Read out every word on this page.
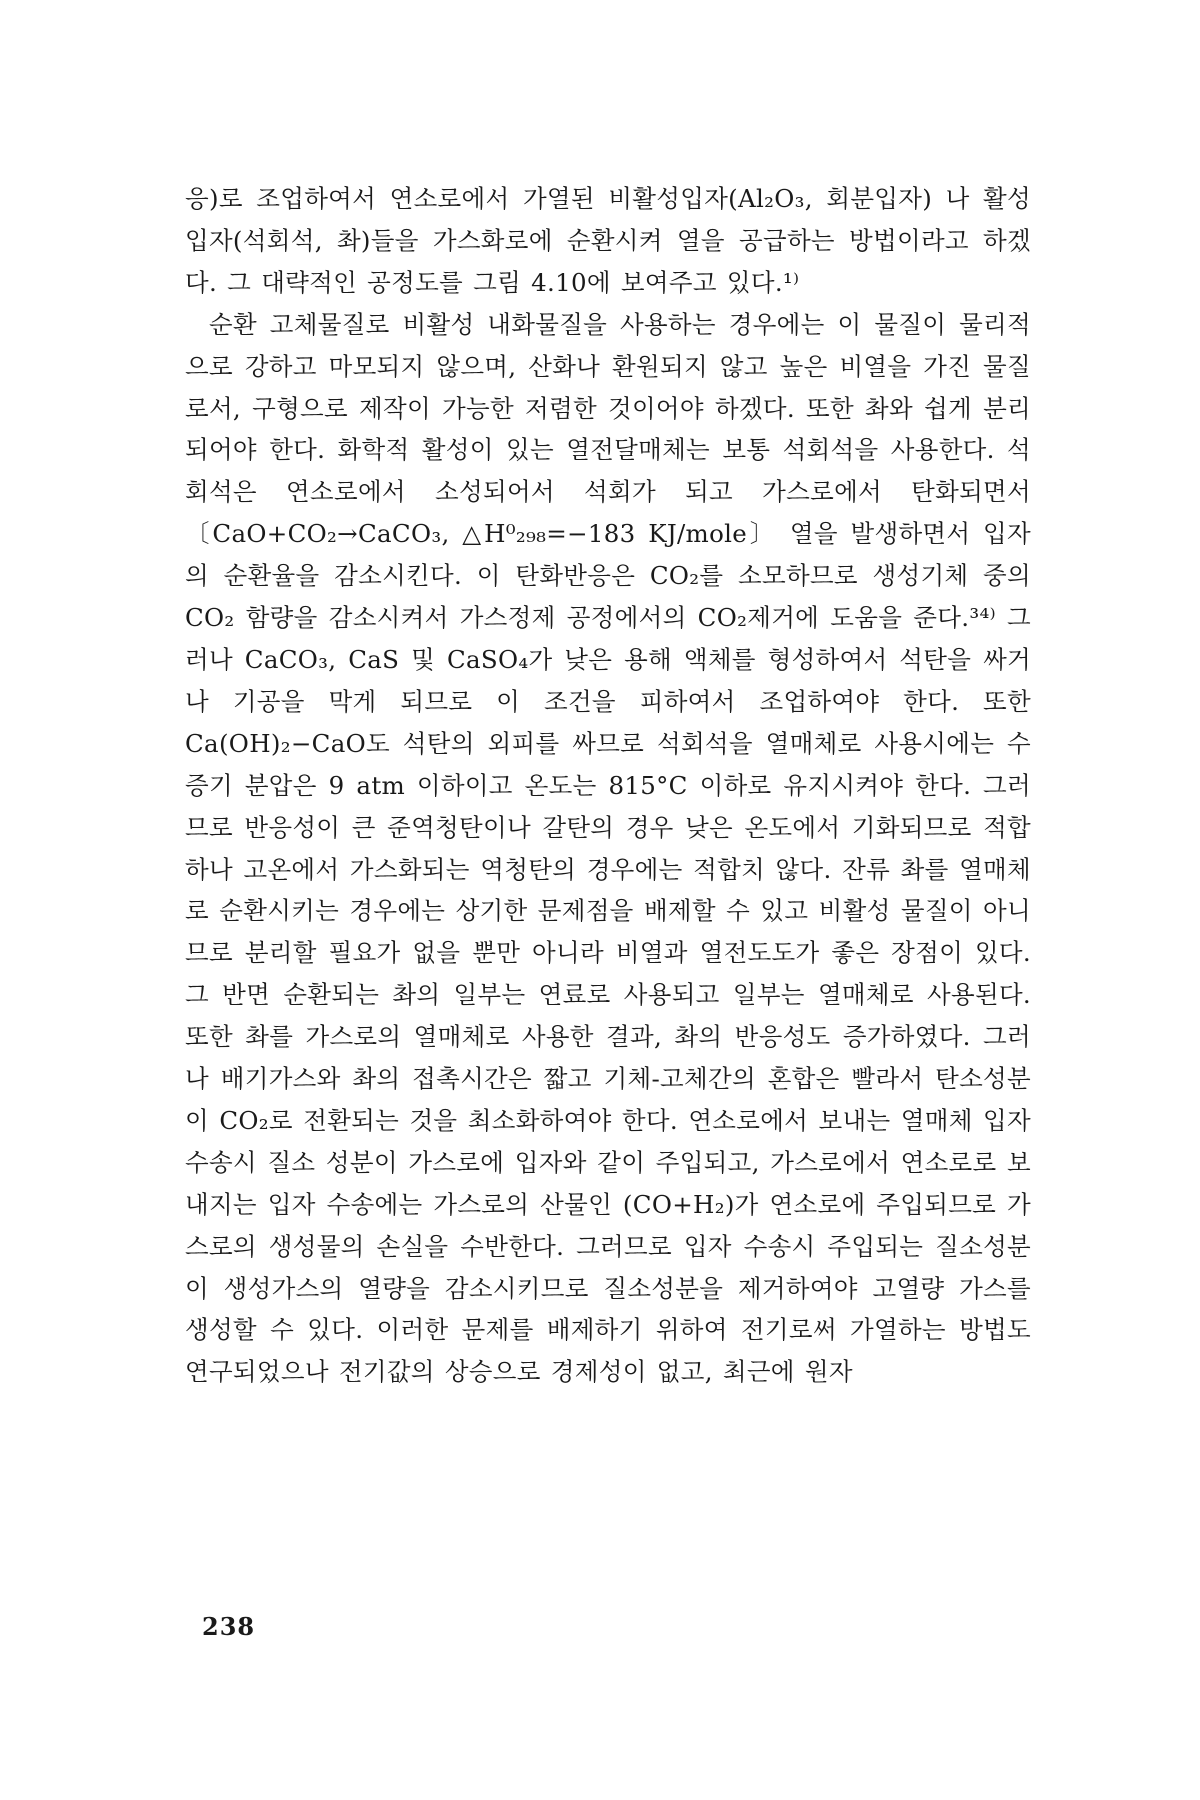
응)로 조업하여서 연소로에서 가열된 비활성입자(Al₂O₃, 회분입자) 나 활성입자(석회석, 촤)들을 가스화로에 순환시켜 열을 공급하는 방법이라고 하겠다. 그 대략적인 공정도를 그림 4.10에 보여주고 있다.¹⁾

순환 고체물질로 비활성 내화물질을 사용하는 경우에는 이 물질이 물리적으로 강하고 마모되지 않으며, 산화나 환원되지 않고 높은 비열을 가진 물질로서, 구형으로 제작이 가능한 저렴한 것이어야 하겠다. 또한 촤와 쉽게 분리되어야 한다. 화학적 활성이 있는 열전달매체는 보통 석회석을 사용한다. 석회석은 연소로에서 소성되어서 석회가 되고 가스로에서 탄화되면서 〔CaO+CO₂→CaCO₃, △H⁰₂₉₈=−183 KJ/mole〕 열을 발생하면서 입자의 순환율을 감소시킨다. 이 탄화반응은 CO₂를 소모하므로 생성기체 중의 CO₂ 함량을 감소시켜서 가스정제 공정에서의 CO₂제거에 도움을 준다.³⁴⁾ 그러나 CaCO₃, CaS 및 CaSO₄가 낮은 용해 액체를 형성하여서 석탄을 싸거나 기공을 막게 되므로 이 조건을 피하여서 조업하여야 한다. 또한 Ca(OH)₂−CaO도 석탄의 외피를 싸므로 석회석을 열매체로 사용시에는 수증기 분압은 9 atm 이하이고 온도는 815°C 이하로 유지시켜야 한다. 그러므로 반응성이 큰 준역청탄이나 갈탄의 경우 낮은 온도에서 기화되므로 적합하나 고온에서 가스화되는 역청탄의 경우에는 적합치 않다. 잔류 촤를 열매체로 순환시키는 경우에는 상기한 문제점을 배제할 수 있고 비활성 물질이 아니므로 분리할 필요가 없을 뿐만 아니라 비열과 열전도도가 좋은 장점이 있다. 그 반면 순환되는 촤의 일부는 연료로 사용되고 일부는 열매체로 사용된다. 또한 촤를 가스로의 열매체로 사용한 결과, 촤의 반응성도 증가하였다. 그러나 배기가스와 촤의 접촉시간은 짧고 기체-고체간의 혼합은 빨라서 탄소성분이 CO₂로 전환되는 것을 최소화하여야 한다. 연소로에서 보내는 열매체 입자 수송시 질소 성분이 가스로에 입자와 같이 주입되고, 가스로에서 연소로로 보내지는 입자 수송에는 가스로의 산물인 (CO+H₂)가 연소로에 주입되므로 가스로의 생성물의 손실을 수반한다. 그러므로 입자 수송시 주입되는 질소성분이 생성가스의 열량을 감소시키므로 질소성분을 제거하여야 고열량 가스를 생성할 수 있다. 이러한 문제를 배제하기 위하여 전기로써 가열하는 방법도 연구되었으나 전기값의 상승으로 경제성이 없고, 최근에 원자

238
